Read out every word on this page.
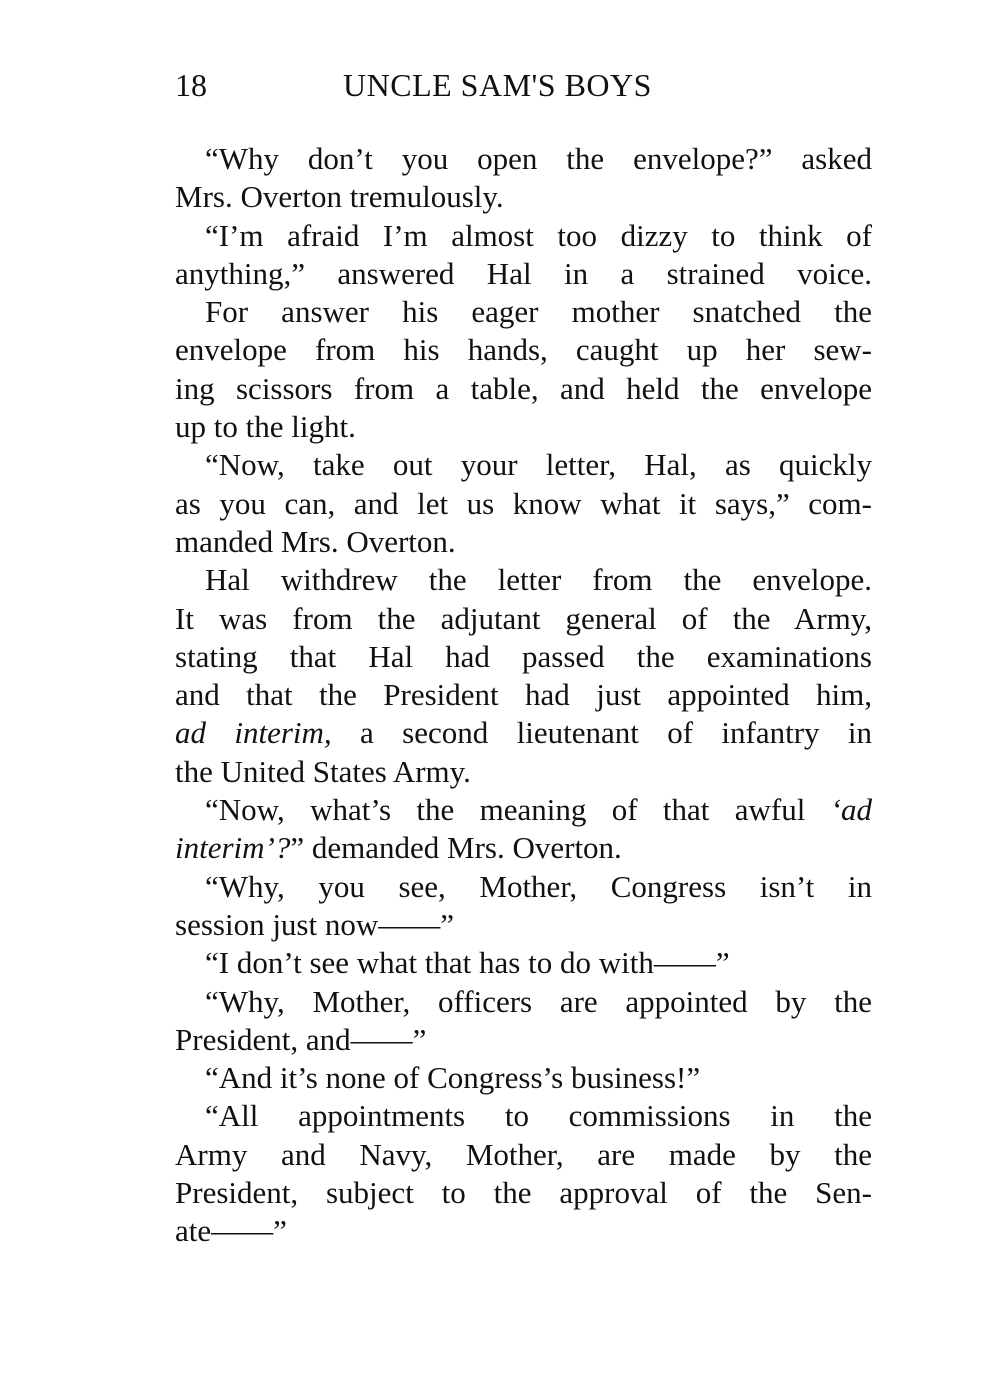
18	UNCLE SAM'S BOYS

“Why don’t you open the envelope?” asked
Mrs. Overton tremulously.

“I’m afraid I’m almost too dizzy to think of
anything,” answered Hal in a strained voice.

For answer his eager mother snatched the
envelope from his hands, caught up her sew-
ing scissors from a table, and held the envelope
up to the light.

“Now, take out your letter, Hal, as quickly
as you can, and let us know what it says,” com-
manded Mrs. Overton.

Hal withdrew the letter from the envelope.
It was from the adjutant general of the Army,
stating that Hal had passed the examinations
and that the President had just appointed him,
ad interim, a second lieutenant of infantry in
the United States Army.

“Now, what’s the meaning of that awful ‘ad
interim’?” demanded Mrs. Overton.

“Why, you see, Mother, Congress isn’t in
session just now——”

“I don’t see what that has to do with——”

“Why, Mother, officers are appointed by the
President, and——”

“And it’s none of Congress’s business!”

“All appointments to commissions in the
Army and Navy, Mother, are made by the
President, subject to the approval of the Sen-
ate——”
